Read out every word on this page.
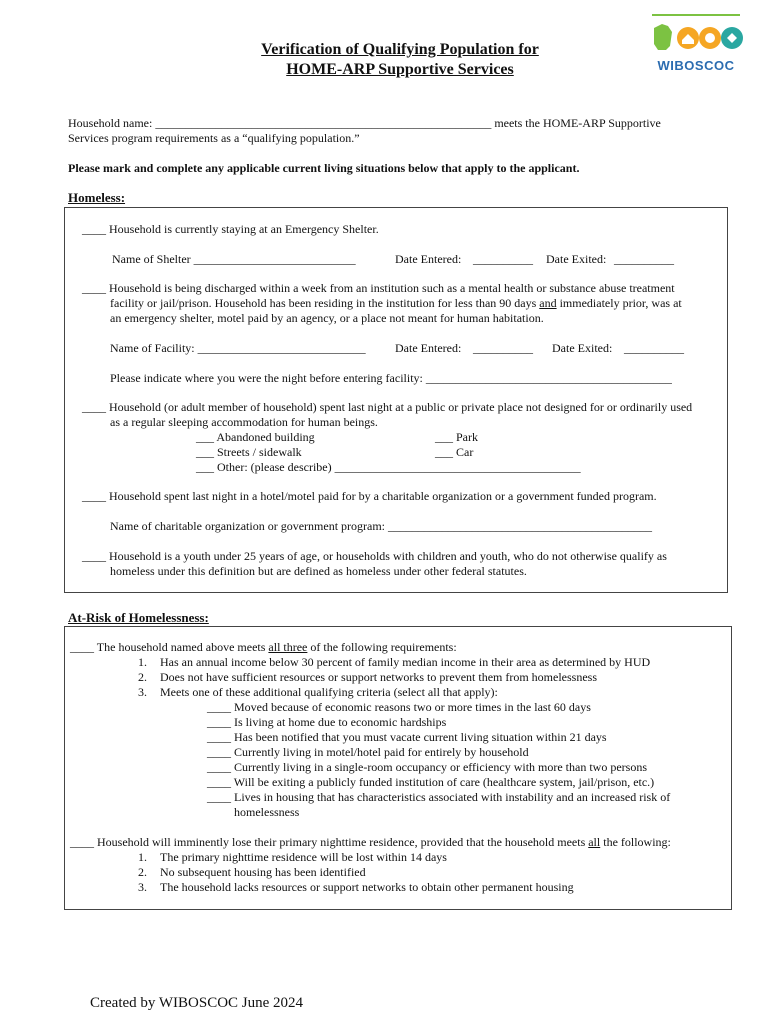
Verification of Qualifying Population for
HOME-ARP Supportive Services	WIBOSCOC
Household name: ________________________________________________________ meets the HOME-ARP Supportive
Services program requirements as a “qualifying population.”
Please mark and complete any applicable current living situations below that apply to the applicant.
Homeless:
____ Household is currently staying at an Emergency Shelter.
Name of Shelter ___________________________	Date Entered: __________ Date Exited: __________
____ Household is being discharged within a week from an institution such as a mental health or substance abuse treatment
facility or jail/prison. Household has been residing in the institution for less than 90 days and immediately prior, was at
an emergency shelter, motel paid by an agency, or a place not meant for human habitation.
Name of Facility: ____________________________ Date Entered: __________ Date Exited: __________
Please indicate where you were the night before entering facility: _________________________________________
____ Household (or adult member of household) spent last night at a public or private place not designed for or ordinarily used
as a regular sleeping accommodation for human beings.
___ Abandoned building
___ Streets / sidewalk
___ Other: (please describe) _________________________________________
___ Park
___ Car
____ Household spent last night in a hotel/motel paid for by a charitable organization or a government funded program.
Name of charitable organization or government program: ____________________________________________
____ Household is a youth under 25 years of age, or households with children and youth, who do not otherwise qualify as
homeless under this definition but are defined as homeless under other federal statutes.
At-Risk of Homelessness:
____ The household named above meets all three of the following requirements:
1. Has an annual income below 30 percent of family median income in their area as determined by HUD
2. Does not have sufficient resources or support networks to prevent them from homelessness
3. Meets one of these additional qualifying criteria (select all that apply):
____ Moved because of economic reasons two or more times in the last 60 days
____ Is living at home due to economic hardships
____ Has been notified that you must vacate current living situation within 21 days
____ Currently living in motel/hotel paid for entirely by household
____ Currently living in a single-room occupancy or efficiency with more than two persons
____ Will be exiting a publicly funded institution of care (healthcare system, jail/prison, etc.)
____ Lives in housing that has characteristics associated with instability and an increased risk of
homelessness
____ Household will imminently lose their primary nighttime residence, provided that the household meets all the following:
1. The primary nighttime residence will be lost within 14 days
2. No subsequent housing has been identified
3. The household lacks resources or support networks to obtain other permanent housing
Created by WIBOSCOC June 2024
